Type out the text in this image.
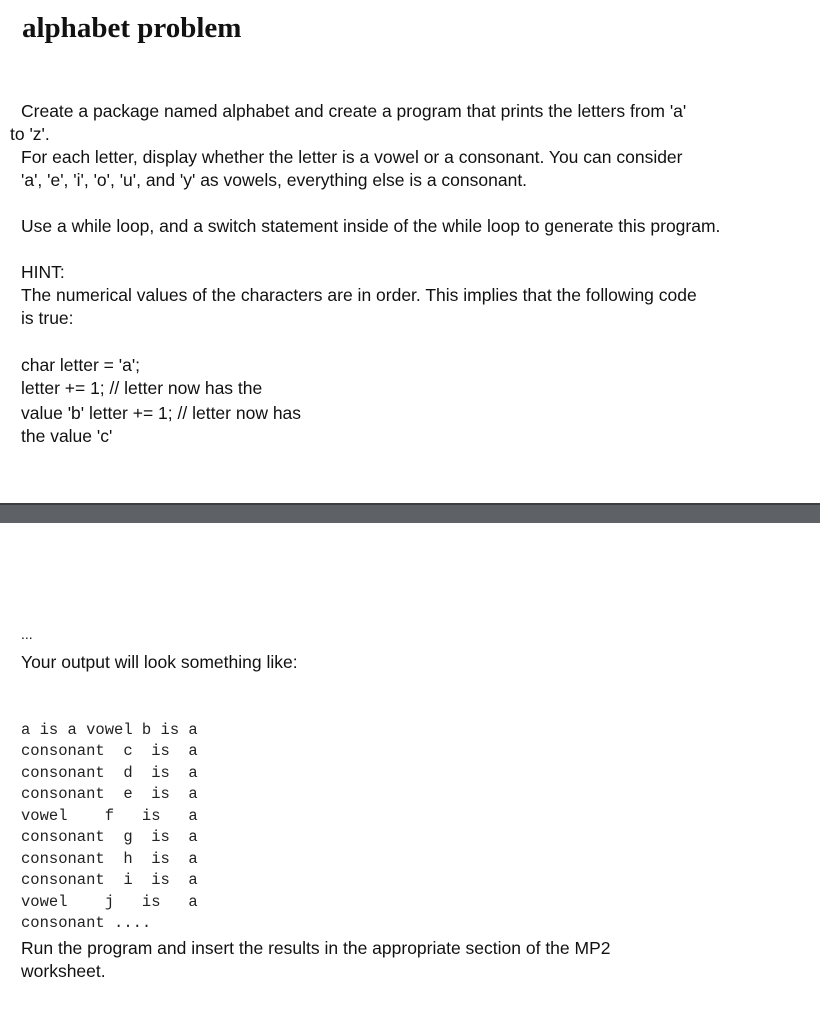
alphabet problem
Create a package named alphabet and create a program that prints the letters from 'a'
to 'z'.
For each letter, display whether the letter is a vowel or a consonant. You can consider
'a', 'e', 'i', 'o', 'u', and 'y' as vowels, everything else is a consonant.
Use a while loop, and a switch statement inside of the while loop to generate this program.
HINT:
The numerical values of the characters are in order. This implies that the following code
is true:
char letter = 'a';
letter += 1; // letter now has the
value 'b' letter += 1; // letter now has
the value 'c'
...
Your output will look something like:

a is a vowel b is a
consonant  c  is  a
consonant  d  is  a
consonant  e  is  a
vowel    f   is   a
consonant  g  is  a
consonant  h  is  a
consonant  i  is  a
vowel    j   is   a
consonant ....

Run the program and insert the results in the appropriate section of the MP2
worksheet.
